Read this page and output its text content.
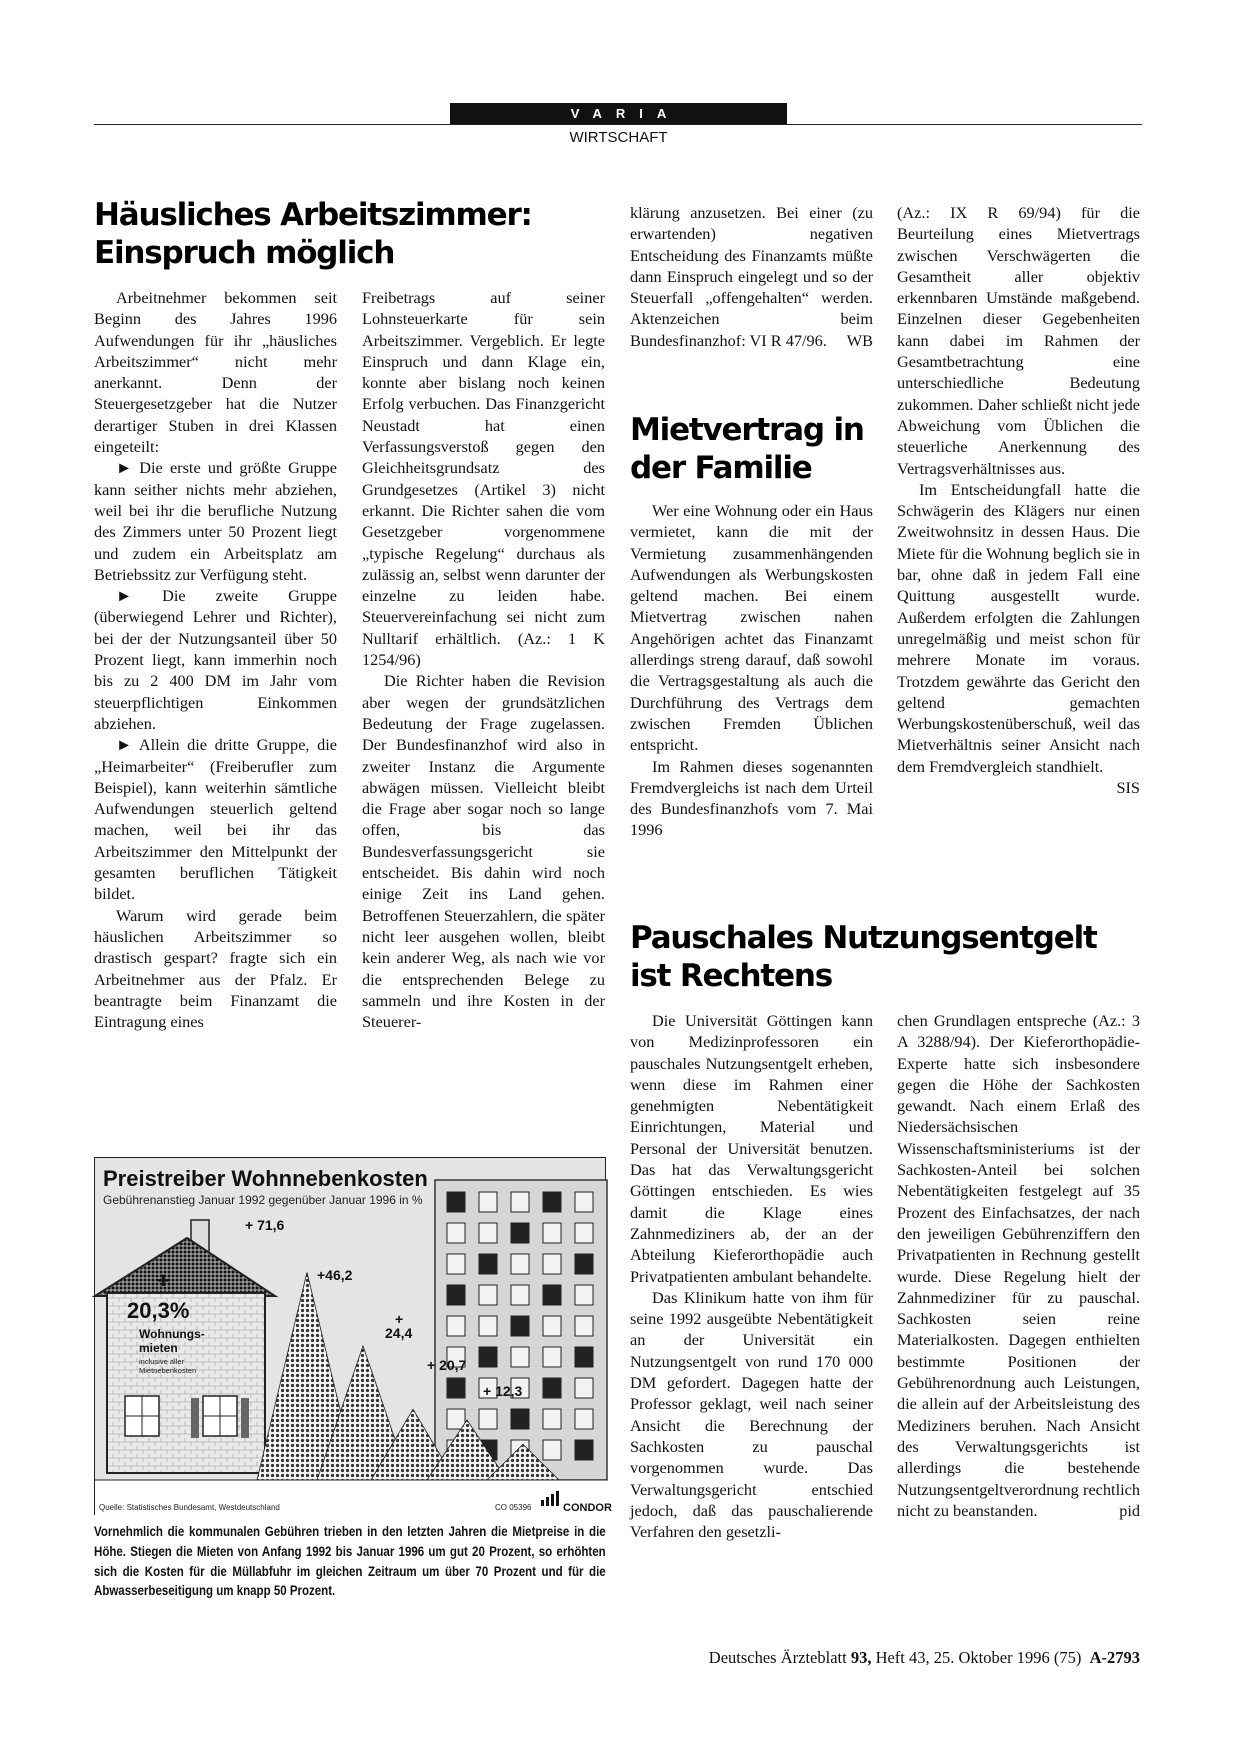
VARIA
WIRTSCHAFT
Häusliches Arbeitszimmer:
Einspruch möglich

Arbeitnehmer bekommen seit Beginn des Jahres 1996 Aufwendungen für ihr „häusliches Arbeitszimmer“ nicht mehr anerkannt. Denn der Steuergesetzgeber hat die Nutzer derartiger Stuben in drei Klassen eingeteilt:

► Die erste und größte Gruppe kann seither nichts mehr abziehen, weil bei ihr die berufliche Nutzung des Zimmers unter 50 Prozent liegt und zudem ein Arbeitsplatz am Betriebssitz zur Verfügung steht.

► Die zweite Gruppe (überwiegend Lehrer und Richter), bei der der Nutzungsanteil über 50 Prozent liegt, kann immerhin noch bis zu 2 400 DM im Jahr vom steuerpflichtigen Einkommen abziehen.

► Allein die dritte Gruppe, die „Heimarbeiter“ (Freiberufler zum Beispiel), kann weiterhin sämtliche Aufwendungen steuerlich geltend machen, weil bei ihr das Arbeitszimmer den Mittelpunkt der gesamten beruflichen Tätigkeit bildet.

Warum wird gerade beim häuslichen Arbeitszimmer so drastisch gespart? fragte sich ein Arbeitnehmer aus der Pfalz. Er beantragte beim Finanzamt die Eintragung eines

Freibetrags auf seiner Lohnsteuerkarte für sein Arbeitszimmer. Vergeblich. Er legte Einspruch und dann Klage ein, konnte aber bislang noch keinen Erfolg verbuchen. Das Finanzgericht Neustadt hat einen Verfassungsverstoß gegen den Gleichheitsgrundsatz des Grundgesetzes (Artikel 3) nicht erkannt. Die Richter sahen die vom Gesetzgeber vorgenommene „typische Regelung“ durchaus als zulässig an, selbst wenn darunter der einzelne zu leiden habe. Steuervereinfachung sei nicht zum Nulltarif erhältlich. (Az.: 1 K 1254/96)

Die Richter haben die Revision aber wegen der grundsätzlichen Bedeutung der Frage zugelassen. Der Bundesfinanzhof wird also in zweiter Instanz die Argumente abwägen müssen. Vielleicht bleibt die Frage aber sogar noch so lange offen, bis das Bundesverfassungsgericht sie entscheidet. Bis dahin wird noch einige Zeit ins Land gehen. Betroffenen Steuerzahlern, die später nicht leer ausgehen wollen, bleibt kein anderer Weg, als nach wie vor die entsprechenden Belege zu sammeln und ihre Kosten in der Steuerer-

klärung anzusetzen. Bei einer (zu erwartenden) negativen Entscheidung des Finanzamts müßte dann Einspruch eingelegt und so der Steuerfall „offengehalten“ werden. Aktenzeichen beim Bundesfinanzhof: VI R 47/96. WB

Mietvertrag in
der Familie

Wer eine Wohnung oder ein Haus vermietet, kann die mit der Vermietung zusammenhängenden Aufwendungen als Werbungskosten geltend machen. Bei einem Mietvertrag zwischen nahen Angehörigen achtet das Finanzamt allerdings streng darauf, daß sowohl die Vertragsgestaltung als auch die Durchführung des Vertrags dem zwischen Fremden Üblichen entspricht.

Im Rahmen dieses sogenannten Fremdvergleichs ist nach dem Urteil des Bundesfinanzhofs vom 7. Mai 1996

(Az.: IX R 69/94) für die Beurteilung eines Mietvertrags zwischen Verschwägerten die Gesamtheit aller objektiv erkennbaren Umstände maßgebend. Einzelnen dieser Gegebenheiten kann dabei im Rahmen der Gesamtbetrachtung eine unterschiedliche Bedeutung zukommen. Daher schließt nicht jede Abweichung vom Üblichen die steuerliche Anerkennung des Vertragsverhältnisses aus.

Im Entscheidungfall hatte die Schwägerin des Klägers nur einen Zweitwohnsitz in dessen Haus. Die Miete für die Wohnung beglich sie in bar, ohne daß in jedem Fall eine Quittung ausgestellt wurde. Außerdem erfolgten die Zahlungen unregelmäßig und meist schon für mehrere Monate im voraus. Trotzdem gewährte das Gericht den geltend gemachten Werbungskostenüberschuß, weil das Mietverhältnis seiner Ansicht nach dem Fremdvergleich standhielt.
SIS

Pauschales Nutzungsentgelt
ist Rechtens

Die Universität Göttingen kann von Medizinprofessoren ein pauschales Nutzungsentgelt erheben, wenn diese im Rahmen einer genehmigten Nebentätigkeit Einrichtungen, Material und Personal der Universität benutzen. Das hat das Verwaltungsgericht Göttingen entschieden. Es wies damit die Klage eines Zahnmediziners ab, der an der Abteilung Kieferorthopädie auch Privatpatienten ambulant behandelte.

Das Klinikum hatte von ihm für seine 1992 ausgeübte Nebentätigkeit an der Universität ein Nutzungsentgelt von rund 170 000 DM gefordert. Dagegen hatte der Professor geklagt, weil nach seiner Ansicht die Berechnung der Sachkosten zu pauschal vorgenommen wurde. Das Verwaltungsgericht entschied jedoch, daß das pauschalierende Verfahren den gesetzli-

chen Grundlagen entspreche (Az.: 3 A 3288/94). Der Kieferorthopädie-Experte hatte sich insbesondere gegen die Höhe der Sachkosten gewandt. Nach einem Erlaß des Niedersächsischen Wissenschaftsministeriums ist der Sachkosten-Anteil bei solchen Nebentätigkeiten festgelegt auf 35 Prozent des Einfachsatzes, der nach den jeweiligen Gebührenziffern den Privatpatienten in Rechnung gestellt wurde. Diese Regelung hielt der Zahnmediziner für zu pauschal. Sachkosten seien reine Materialkosten. Dagegen enthielten bestimmte Positionen der Gebührenordnung auch Leistungen, die allein auf der Arbeitsleistung des Mediziners beruhen. Nach Ansicht des Verwaltungsgerichts ist allerdings die bestehende Nutzungsentgeltverordnung rechtlich nicht zu beanstanden.	pid

+ 71,6
+46,2
24,4
+ 20,7
+ 12,3
+
Preistreiber Wohnnebenkosten
Gebührenanstieg Januar 1992 gegenüber Januar 1996 in %
+
20,3%
Wohnungs-
mieten
inclusive aller
Mietnebenkosten
Quelle: Statistisches Bundesamt, Westdeutschland	CO 05396	CONDOR
Vornehmlich die kommunalen Gebühren trieben in den letzten Jahren die Mietpreise in die Höhe. Stiegen die Mieten von Anfang 1992 bis Januar 1996 um gut 20 Prozent, so erhöhten sich die Kosten für die Müllabfuhr im gleichen Zeitraum um über 70 Prozent und für die Abwasserbeseitigung um knapp 50 Prozent.
Deutsches Ärzteblatt 93, Heft 43, 25. Oktober 1996 (75) A-2793
